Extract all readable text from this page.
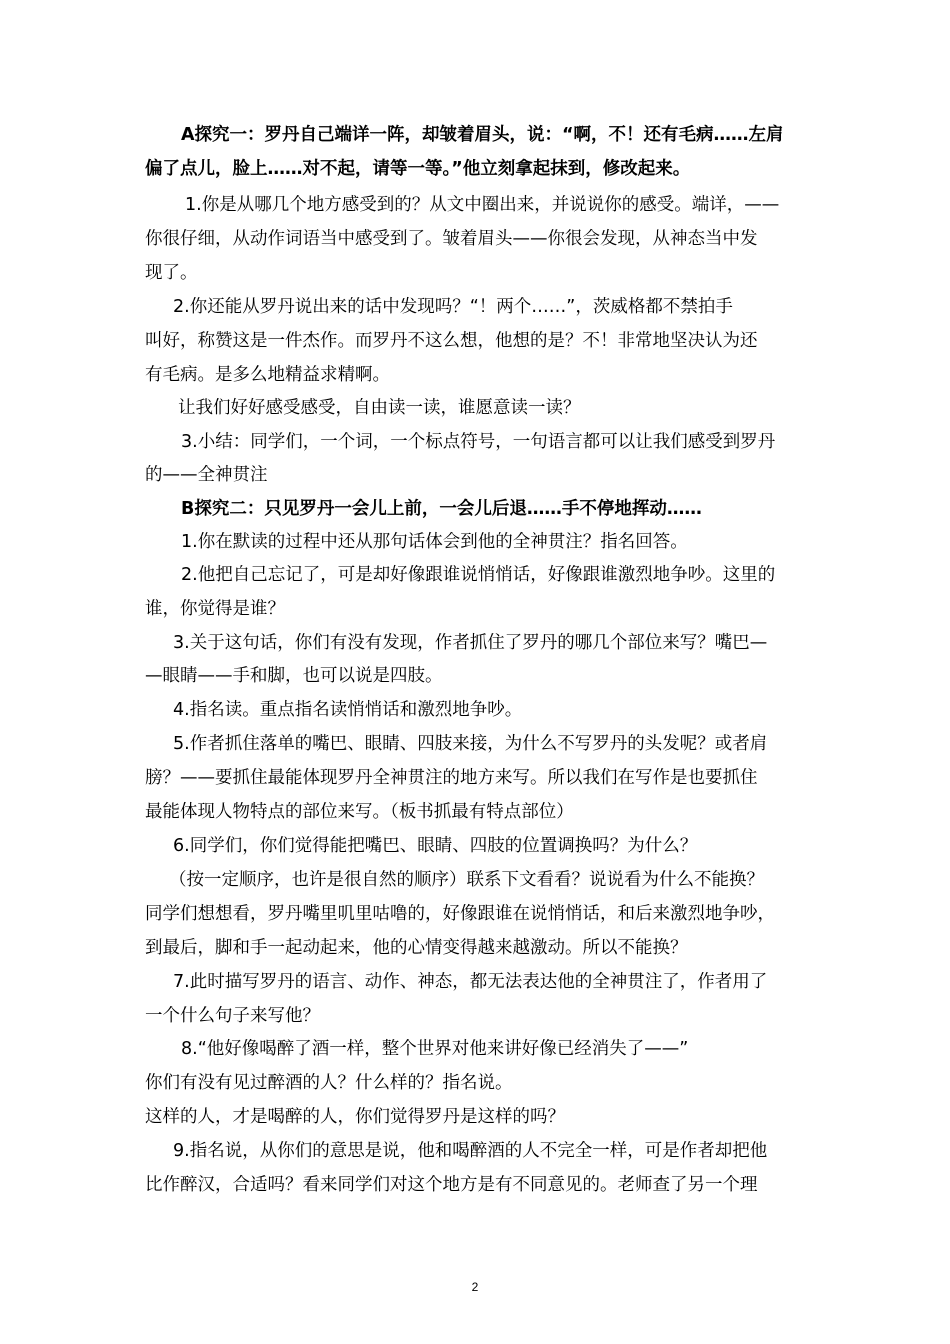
A探究一：罗丹自己端详一阵，却皱着眉头，说：“啊，不！还有毛病……左肩
偏了点儿，脸上……对不起，请等一等。”他立刻拿起抹到，修改起来。
1.你是从哪几个地方感受到的？从文中圈出来，并说说你的感受。端详，——
你很仔细，从动作词语当中感受到了。皱着眉头——你很会发现，从神态当中发
现了。
2.你还能从罗丹说出来的话中发现吗？“！两个……”，茨威格都不禁拍手
叫好，称赞这是一件杰作。而罗丹不这么想，他想的是？不！非常地坚决认为还
有毛病。是多么地精益求精啊。
让我们好好感受感受，自由读一读，谁愿意读一读？
3.小结：同学们，一个词，一个标点符号，一句语言都可以让我们感受到罗丹
的——全神贯注
B探究二：只见罗丹一会儿上前，一会儿后退……手不停地挥动……
1.你在默读的过程中还从那句话体会到他的全神贯注？指名回答。
2.他把自己忘记了，可是却好像跟谁说悄悄话，好像跟谁激烈地争吵。这里的
谁，你觉得是谁？
3.关于这句话，你们有没有发现，作者抓住了罗丹的哪几个部位来写？嘴巴—
—眼睛——手和脚，也可以说是四肢。
4.指名读。重点指名读悄悄话和激烈地争吵。
5.作者抓住落单的嘴巴、眼睛、四肢来接，为什么不写罗丹的头发呢？或者肩
膀？——要抓住最能体现罗丹全神贯注的地方来写。所以我们在写作是也要抓住
最能体现人物特点的部位来写。（板书抓最有特点部位）
6.同学们，你们觉得能把嘴巴、眼睛、四肢的位置调换吗？为什么？
（按一定顺序，也许是很自然的顺序）联系下文看看？说说看为什么不能换？
同学们想想看，罗丹嘴里叽里咕噜的，好像跟谁在说悄悄话，和后来激烈地争吵，
到最后，脚和手一起动起来，他的心情变得越来越激动。所以不能换？
7.此时描写罗丹的语言、动作、神态，都无法表达他的全神贯注了，作者用了
一个什么句子来写他？
8.“他好像喝醉了酒一样，整个世界对他来讲好像已经消失了——”
你们有没有见过醉酒的人？什么样的？指名说。
这样的人，才是喝醉的人，你们觉得罗丹是这样的吗？
9.指名说，从你们的意思是说，他和喝醉酒的人不完全一样，可是作者却把他
比作醉汉，合适吗？看来同学们对这个地方是有不同意见的。老师查了另一个理
2
